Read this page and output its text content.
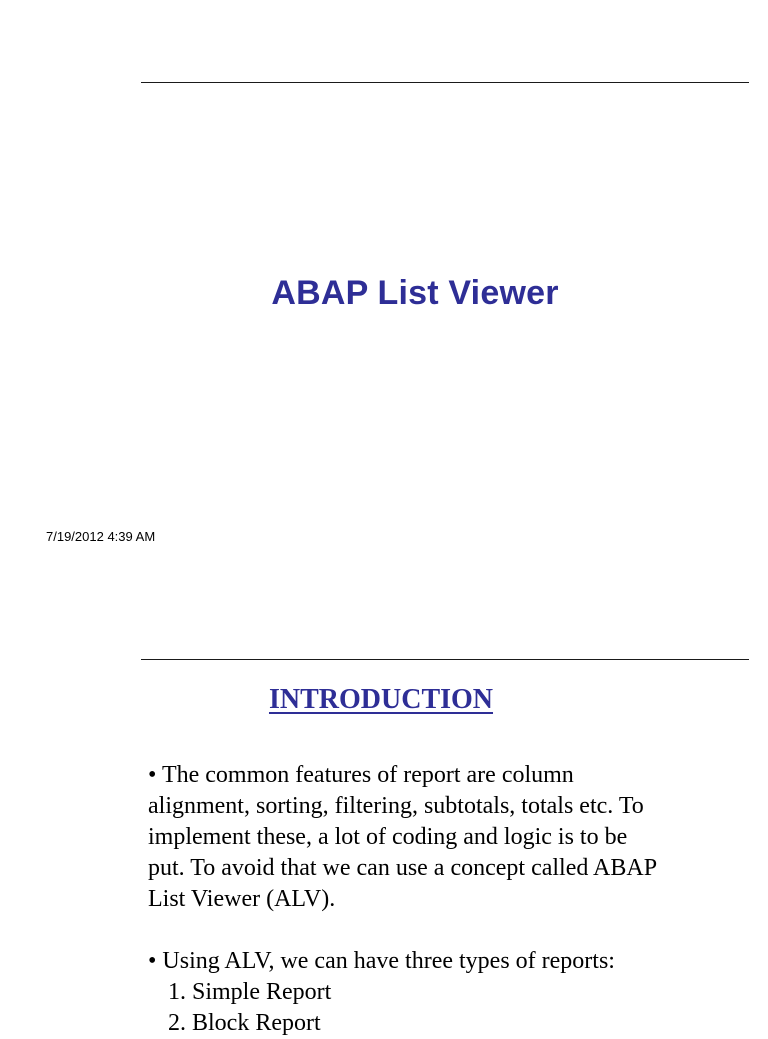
ABAP List Viewer
7/19/2012 4:39 AM
INTRODUCTION

• The common features of report are column alignment, sorting, filtering, subtotals, totals etc. To implement these, a lot of coding and logic is to be put. To avoid that we can use a concept called ABAP List Viewer (ALV).

• Using ALV, we can have three types of reports:

1. Simple Report
2. Block Report
